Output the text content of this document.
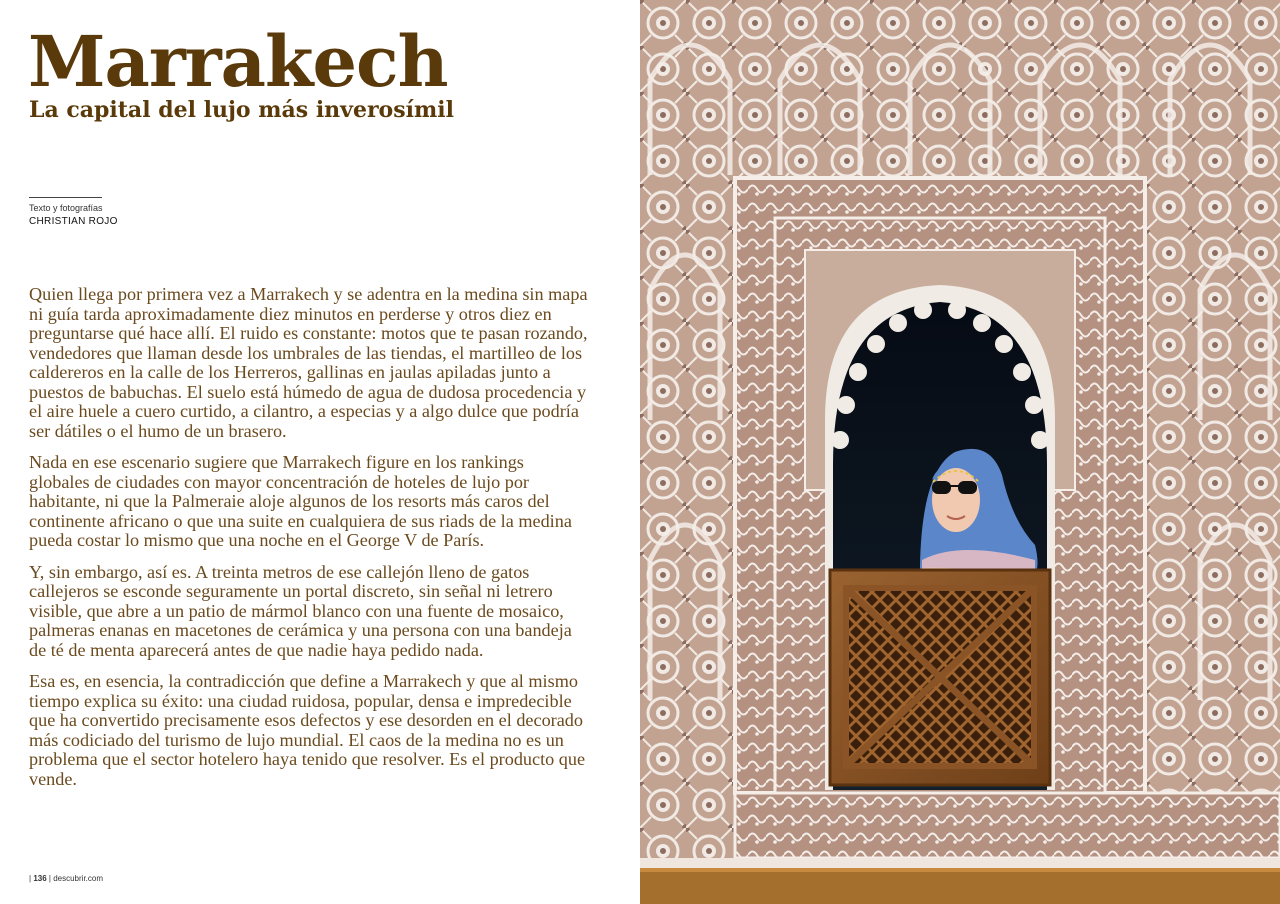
Marrakech
La capital del lujo más inverosímil
Texto y fotografías
CHRISTIAN ROJO

Quien llega por primera vez a Marrakech y se adentra en la medina sin mapa ni guía tarda aproximadamente diez minutos en perderse y otros diez en preguntarse qué hace allí. El ruido es constante: motos que te pasan rozando, vendedores que llaman desde los umbrales de las tiendas, el martilleo de los caldereros en la calle de los Herreros, gallinas en jaulas apiladas junto a puestos de babuchas. El suelo está húmedo de agua de dudosa procedencia y el aire huele a cuero curtido, a cilantro, a especias y a algo dulce que podría ser dátiles o el humo de un brasero.

Nada en ese escenario sugiere que Marrakech figure en los rankings globales de ciudades con mayor concentración de hoteles de lujo por habitante, ni que la Palmeraie aloje algunos de los resorts más caros del continente africano o que una suite en cualquiera de sus riads de la medina pueda costar lo mismo que una noche en el George V de París.

Y, sin embargo, así es. A treinta metros de ese callejón lleno de gatos callejeros se esconde seguramente un portal discreto, sin señal ni letrero visible, que abre a un patio de mármol blanco con una fuente de mosaico, palmeras enanas en macetones de cerámica y una persona con una bandeja de té de menta aparecerá antes de que nadie haya pedido nada.

Esa es, en esencia, la contradicción que define a Marrakech y que al mismo tiempo explica su éxito: una ciudad ruidosa, popular, densa e impredecible que ha convertido precisamente esos defectos y ese desorden en el decorado más codiciado del turismo de lujo mundial. El caos de la medina no es un problema que el sector hotelero haya tenido que resolver. Es el producto que vende.

| 136 | descubrir.com
